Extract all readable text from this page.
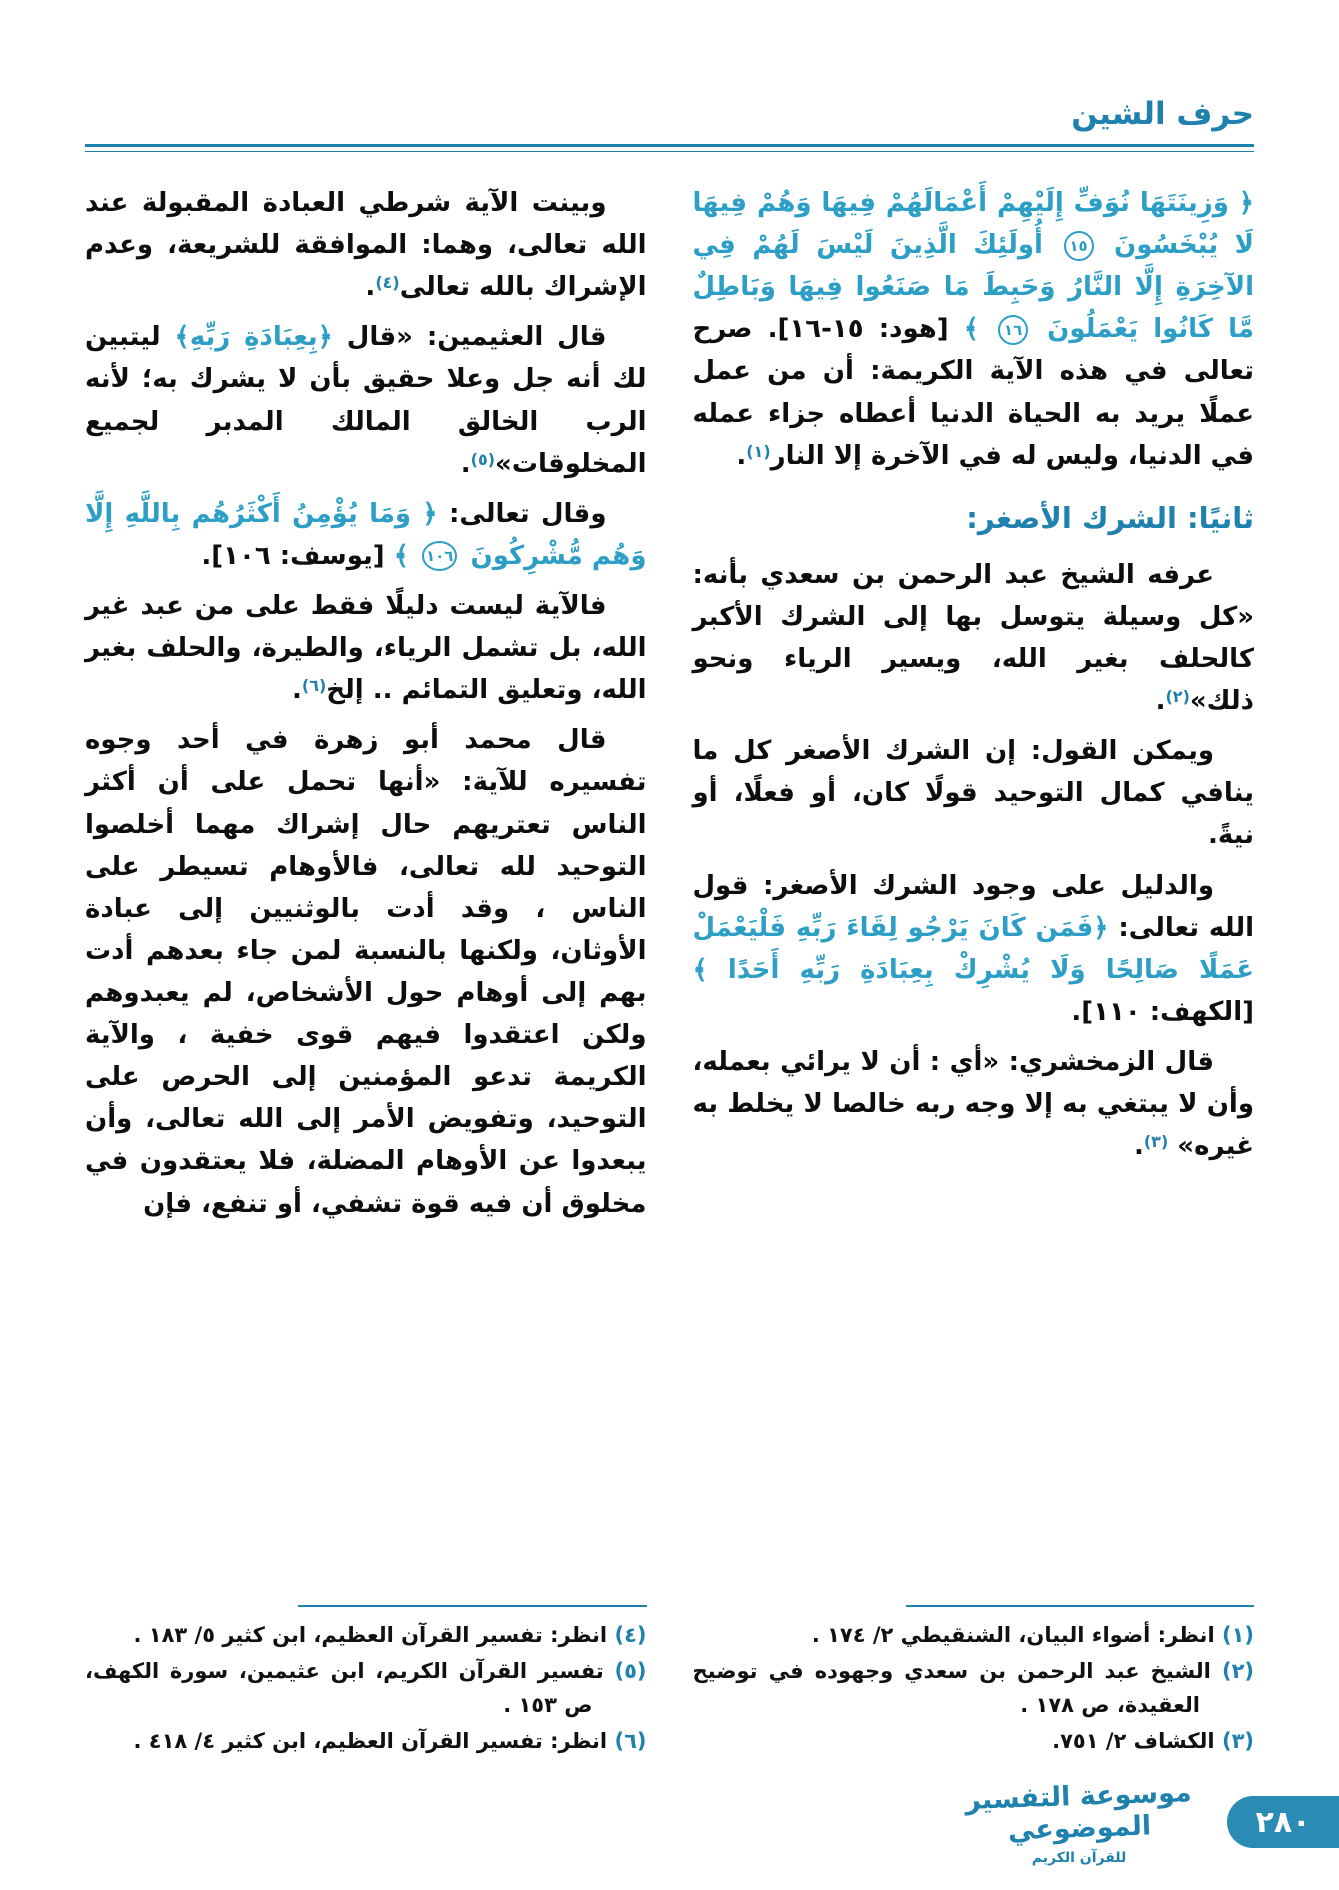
حرف الشين

﴿ وَزِينَتَهَا نُوَفِّ إِلَيْهِمْ أَعْمَالَهُمْ فِيهَا وَهُمْ فِيهَا لَا يُبْخَسُونَ ١٥ أُولَئِكَ الَّذِينَ لَيْسَ لَهُمْ فِي الآخِرَةِ إِلَّا النَّارُ وَحَبِطَ مَا صَنَعُوا فِيهَا وَبَاطِلٌ مَّا كَانُوا يَعْمَلُونَ ١٦ ﴾ [هود: ١٥-١٦]. صرح تعالى في هذه الآية الكريمة: أن من عمل عملًا يريد به الحياة الدنيا أعطاه جزاء عمله في الدنيا، وليس له في الآخرة إلا النار$^{(١)}$.

ثانيًا: الشرك الأصغر:

عرفه الشيخ عبد الرحمن بن سعدي بأنه: «كل وسيلة يتوسل بها إلى الشرك الأكبر كالحلف بغير الله، ويسير الرياء ونحو ذلك»$^{(٢)}$.

ويمكن القول: إن الشرك الأصغر كل ما ينافي كمال التوحيد قولًا كان، أو فعلًا، أو نيةً.

والدليل على وجود الشرك الأصغر: قول الله تعالى: ﴿فَمَن كَانَ يَرْجُو لِقَاءَ رَبِّهِ فَلْيَعْمَلْ عَمَلًا صَالِحًا وَلَا يُشْرِكْ بِعِبَادَةِ رَبِّهِ أَحَدًا ﴾ [الكهف: ١١٠].

قال الزمخشري: «أي : أن لا يرائي بعمله، وأن لا يبتغي به إلا وجه ربه خالصا لا يخلط به غيره» $^{(٣)}$.

(١) انظر: أضواء البيان، الشنقيطي ٢/ ١٧٤ .
(٢) الشيخ عبد الرحمن بن سعدي وجهوده في توضيح العقيدة، ص ١٧٨ .
(٣) الكشاف ٢/ ٧٥١.

وبينت الآية شرطي العبادة المقبولة عند الله تعالى، وهما: الموافقة للشريعة، وعدم الإشراك بالله تعالى$^{(٤)}$.

قال العثيمين: «قال ﴿بِعِبَادَةِ رَبِّهِ﴾ ليتبين لك أنه جل وعلا حقيق بأن لا يشرك به؛ لأنه الرب الخالق المالك المدبر لجميع المخلوقات»$^{(٥)}$.

وقال تعالى: ﴿ وَمَا يُؤْمِنُ أَكْثَرُهُم بِاللَّهِ إِلَّا وَهُم مُّشْرِكُونَ ١٠٦ ﴾ [يوسف: ١٠٦].

فالآية ليست دليلًا فقط على من عبد غير الله، بل تشمل الرياء، والطيرة، والحلف بغير الله، وتعليق التمائم .. إلخ$^{(٦)}$.

قال محمد أبو زهرة في أحد وجوه تفسيره للآية: «أنها تحمل على أن أكثر الناس تعتريهم حال إشراك مهما أخلصوا التوحيد لله تعالى، فالأوهام تسيطر على الناس ، وقد أدت بالوثنيين إلى عبادة الأوثان، ولكنها بالنسبة لمن جاء بعدهم أدت بهم إلى أوهام حول الأشخاص، لم يعبدوهم ولكن اعتقدوا فيهم قوى خفية ، والآية الكريمة تدعو المؤمنين إلى الحرص على التوحيد، وتفويض الأمر إلى الله تعالى، وأن يبعدوا عن الأوهام المضلة، فلا يعتقدون في مخلوق أن فيه قوة تشفي، أو تنفع، فإن

(٤) انظر: تفسير القرآن العظيم، ابن كثير ٥/ ١٨٣ .
(٥) تفسير القرآن الكريم، ابن عثيمين، سورة الكهف، ص ١٥٣ .
(٦) انظر: تفسير القرآن العظيم، ابن كثير ٤/ ٤١٨ .
موسوعة التفسير الموضوعي
للقرآن الكريم
٢٨٠
